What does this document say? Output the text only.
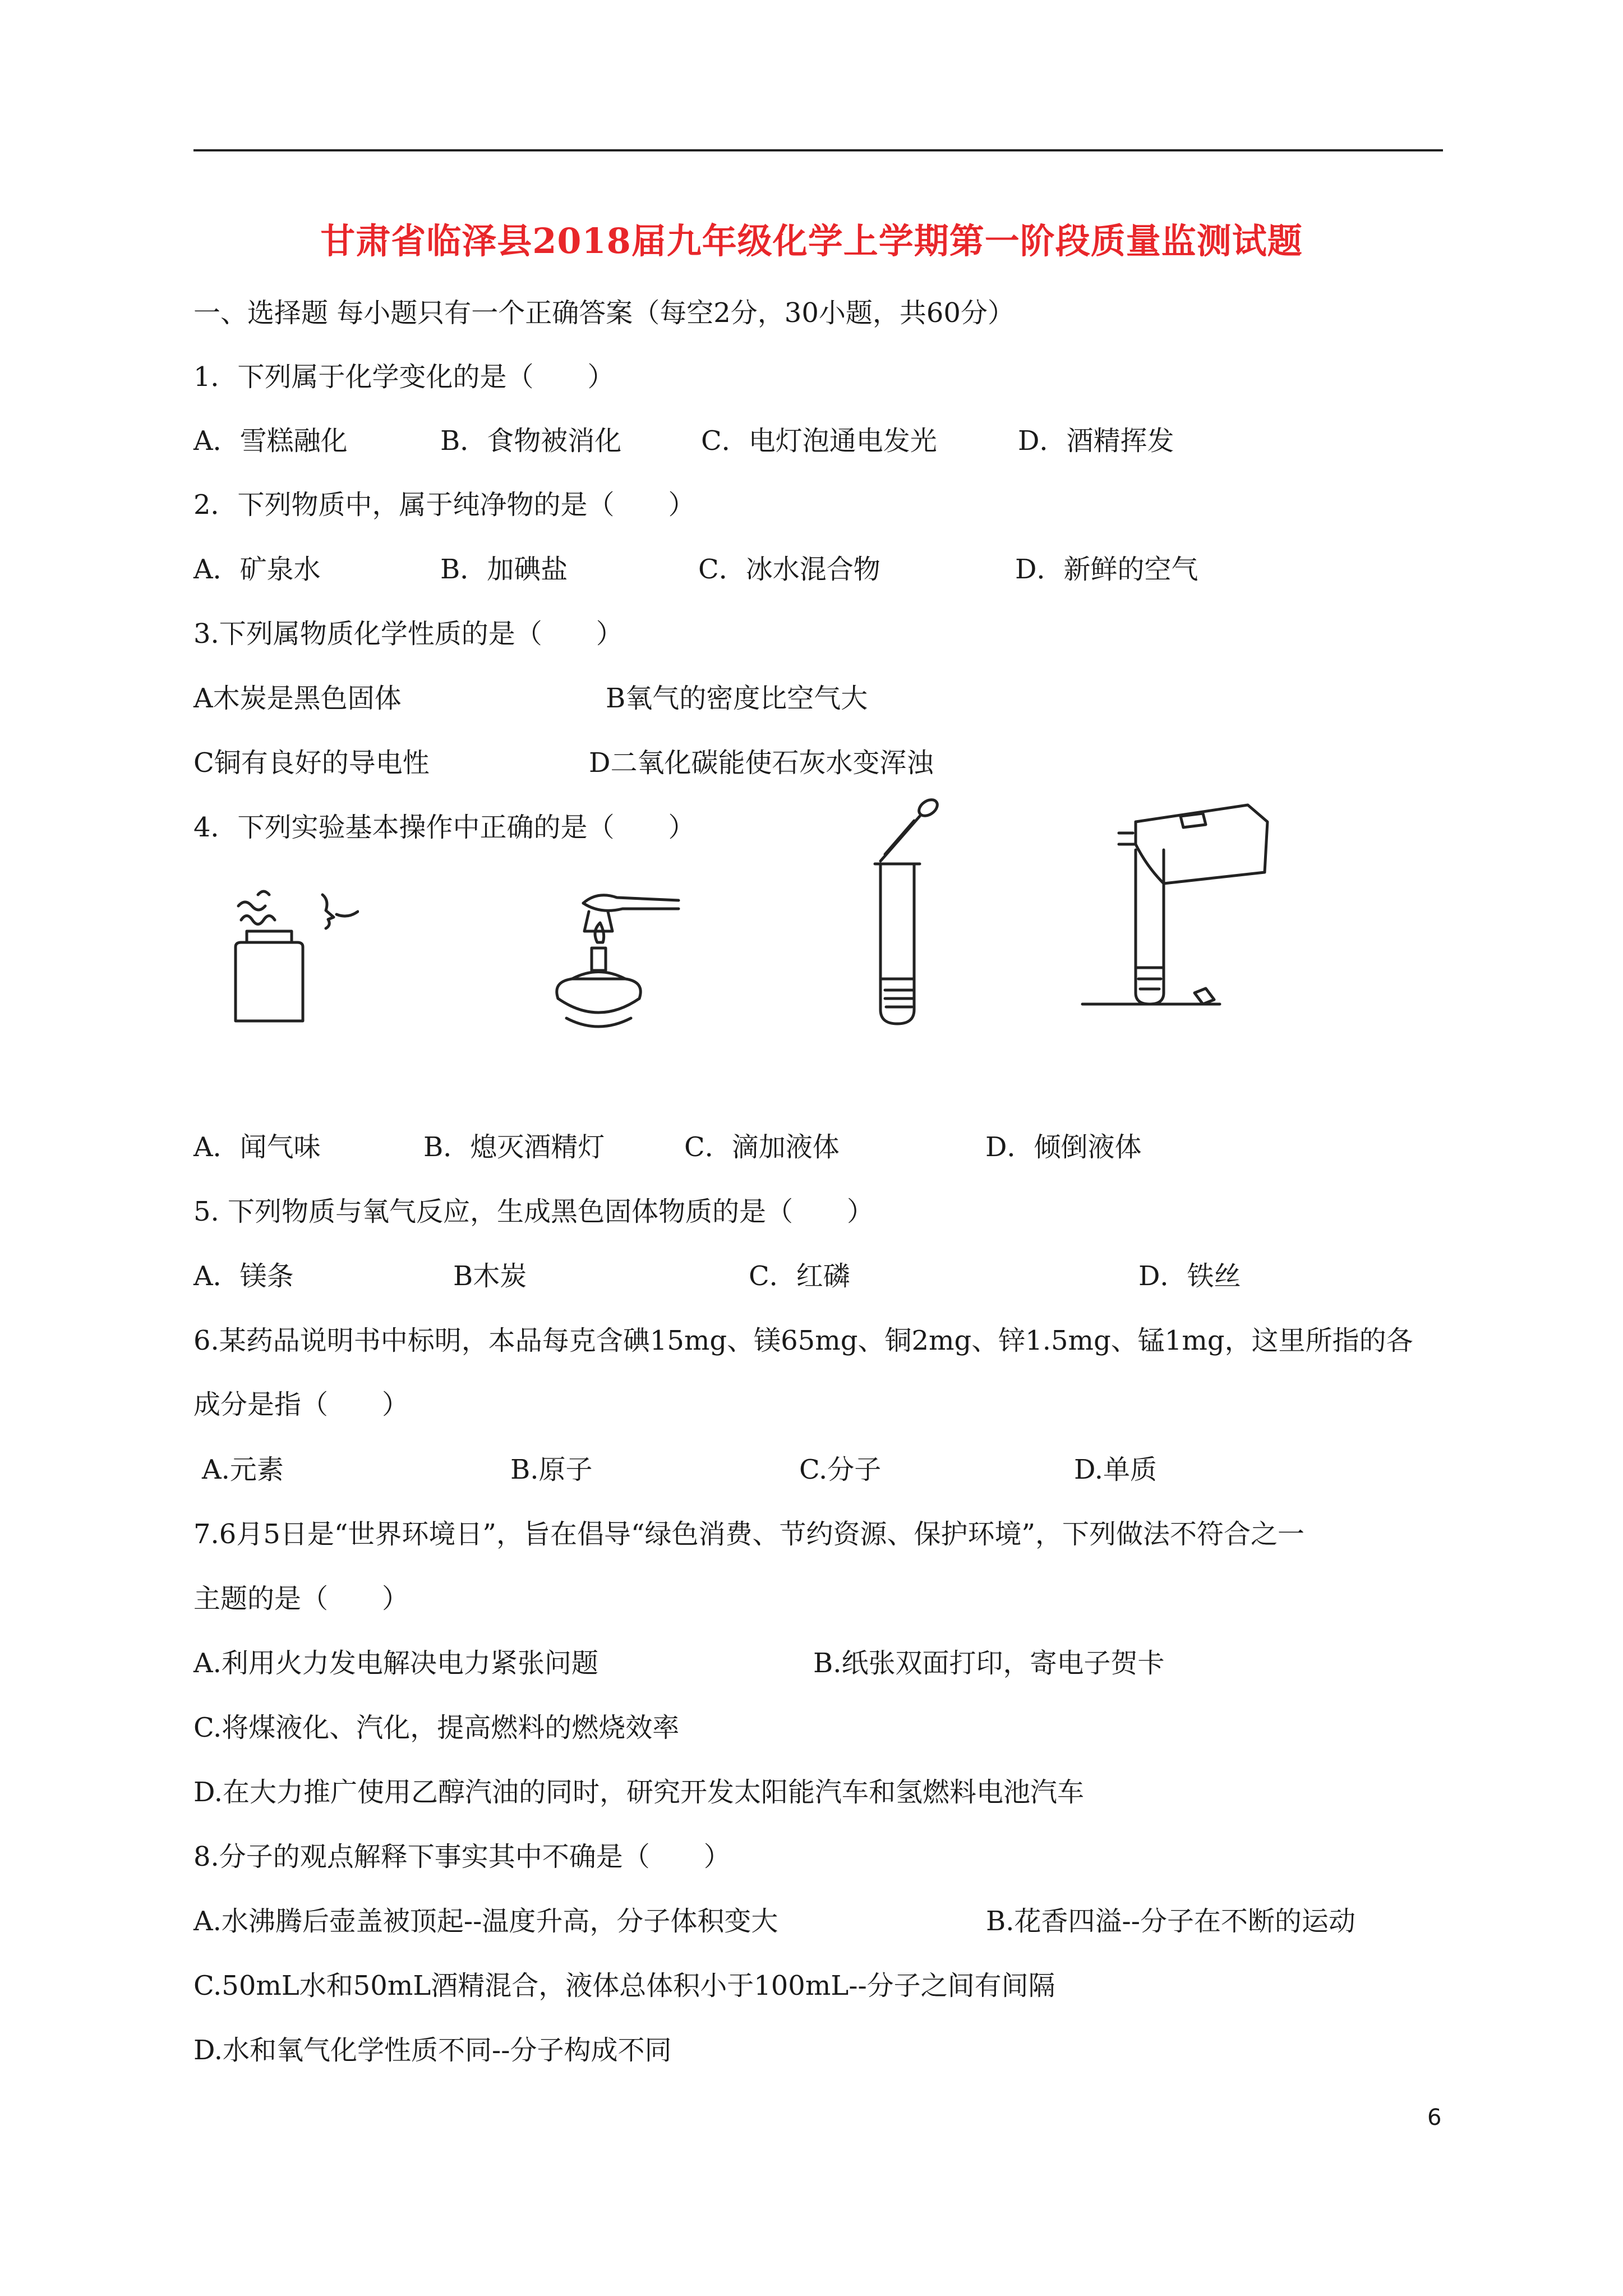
甘肃省临泽县2018届九年级化学上学期第一阶段质量监测试题
一、选择题 每小题只有一个正确答案（每空2分，30小题，共60分）
1．下列属于化学变化的是（　　）
A．雪糕融化	B．食物被消化	C．电灯泡通电发光	D．酒精挥发
2．下列物质中，属于纯净物的是（　　）
A．矿泉水	B．加碘盐	C．冰水混合物	D．新鲜的空气
3.下列属物质化学性质的是（　　）
A木炭是黑色固体	B氧气的密度比空气大
C铜有良好的导电性	D二氧化碳能使石灰水变浑浊
4．下列实验基本操作中正确的是（　　）
A．闻气味	B．熄灭酒精灯	C．滴加液体	D．倾倒液体
5. 下列物质与氧气反应，生成黑色固体物质的是（　　）
A．镁条	B木炭	C．红磷	D．铁丝
6.某药品说明书中标明，本品每克含碘15mg、镁65mg、铜2mg、锌1.5mg、锰1mg，这里所指的各
成分是指（　　）
A.元素	B.原子	C.分子	D.单质
7.6月5日是“世界环境日”，旨在倡导“绿色消费、节约资源、保护环境”，下列做法不符合之一
主题的是（　　）
A.利用火力发电解决电力紧张问题	B.纸张双面打印，寄电子贺卡
C.将煤液化、汽化，提高燃料的燃烧效率
D.在大力推广使用乙醇汽油的同时，研究开发太阳能汽车和氢燃料电池汽车
8.分子的观点解释下事实其中不确是（　　）
A.水沸腾后壶盖被顶起--温度升高，分子体积变大	B.花香四溢--分子在不断的运动
C.50mL水和50mL酒精混合，液体总体积小于100mL--分子之间有间隔
D.水和氧气化学性质不同--分子构成不同
6
